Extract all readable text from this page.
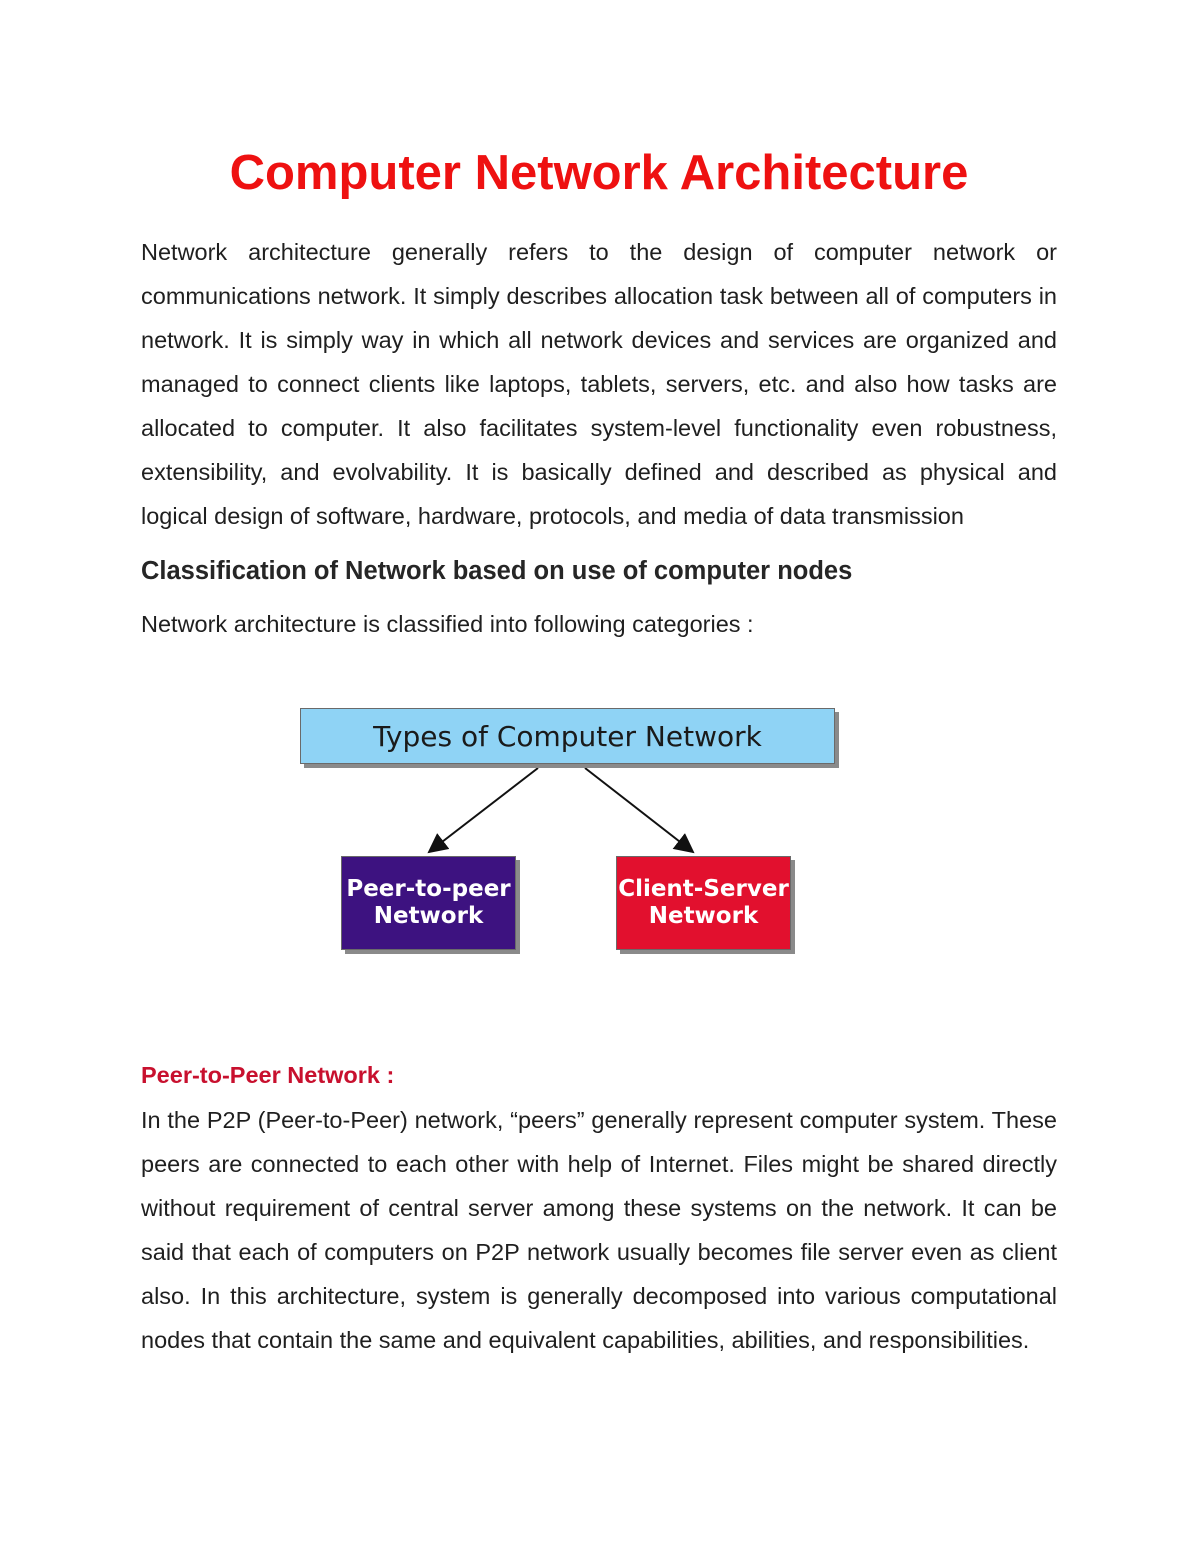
Computer Network Architecture

Network architecture generally refers to the design of computer network or communications network. It simply describes allocation task between all of computers in network. It is simply way in which all network devices and services are organized and managed to connect clients like laptops, tablets, servers, etc. and also how tasks are allocated to computer. It also facilitates system-level functionality even robustness, extensibility, and evolvability. It is basically defined and described as physical and logical design of software, hardware, protocols, and media of data transmission

Classification of Network based on use of computer nodes

Network architecture is classified into following categories :

Types of Computer Network
Peer-to-peer
Network
Client-Server
Network
Peer-to-Peer Network :

In the P2P (Peer-to-Peer) network, “peers” generally represent computer system. These peers are connected to each other with help of Internet. Files might be shared directly without requirement of central server among these systems on the network. It can be said that each of computers on P2P network usually becomes file server even as client also. In this architecture, system is generally decomposed into various computational nodes that contain the same and equivalent capabilities, abilities, and responsibilities.
